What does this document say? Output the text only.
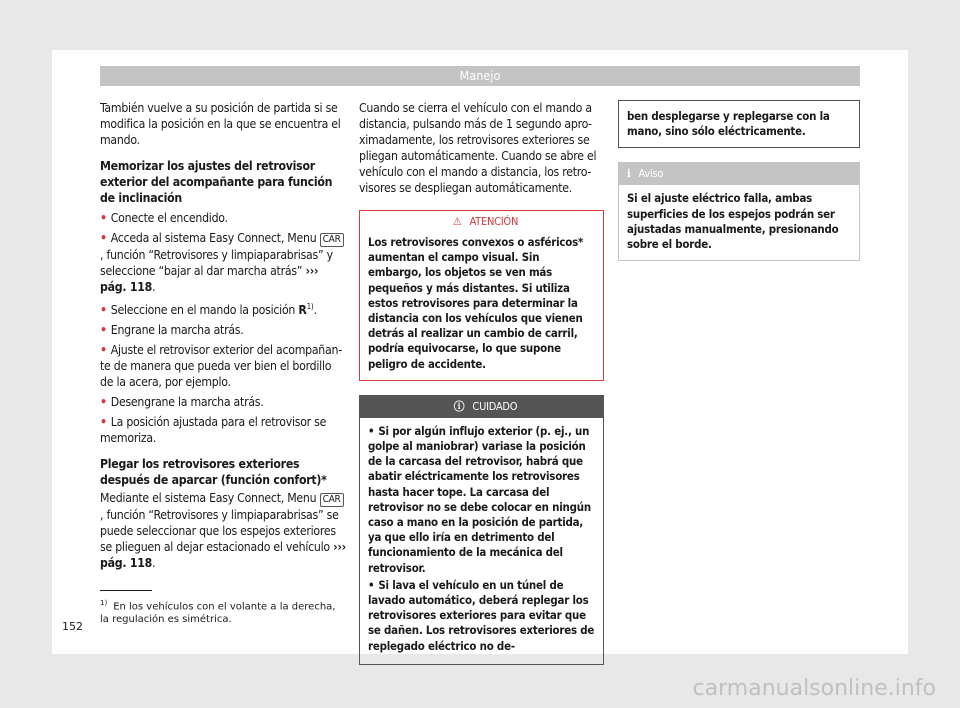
Manejo

También vuelve a su posición de partida si se modifica la posición en la que se encuentra el mando.

Memorizar los ajustes del retrovisor exterior del acompañante para función de inclinación

• Conecte el encendido.
• Acceda al sistema Easy Connect, Menu CAR, función “Retrovisores y limpiaparabrisas” y seleccione “bajar al dar marcha atrás” ››› pág. 118.
• Seleccione en el mando la posición $R^{1)}$.
• Engrane la marcha atrás.
• Ajuste el retrovisor exterior del acompañante de manera que pueda ver bien el bordillo de la acera, por ejemplo.
• Desengrane la marcha atrás.
• La posición ajustada para el retrovisor se memoriza.

Plegar los retrovisores exteriores después de aparcar (función confort)*

Mediante el sistema Easy Connect, Menu CAR, función “Retrovisores y limpiaparabrisas” se puede seleccionar que los espejos exteriores se plieguen al dejar estacionado el vehículo ››› pág. 118.

Cuando se cierra el vehículo con el mando a distancia, pulsando más de 1 segundo aproximadamente, los retrovisores exteriores se pliegan automáticamente. Cuando se abre el vehículo con el mando a distancia, los retrovisores se despliegan automáticamente.

⚠ ATENCIÓN
Los retrovisores convexos o asféricos* aumentan el campo visual. Sin embargo, los objetos se ven más pequeños y más distantes. Si utiliza estos retrovisores para determinar la distancia con los vehículos que vienen detrás al realizar un cambio de carril, podría equivocarse, lo que supone peligro de accidente.
ⓘ CUIDADO
• Si por algún influjo exterior (p. ej., un golpe al maniobrar) variase la posición de la carcasa del retrovisor, habrá que abatir eléctricamente los retrovisores hasta hacer tope. La carcasa del retrovisor no se debe colocar en ningún caso a mano en la posición de partida, ya que ello iría en detrimento del funcionamiento de la mecánica del retrovisor.
• Si lava el vehículo en un túnel de lavado automático, deberá replegar los retrovisores exteriores para evitar que se dañen. Los retrovisores exteriores de replegado eléctrico no de-
ben desplegarse y replegarse con la mano, sino sólo eléctricamente.
ℹ Aviso
Si el ajuste eléctrico falla, ambas superficies de los espejos podrán ser ajustadas manualmente, presionando sobre el borde.
$^{1)}$ En los vehículos con el volante a la derecha, la regulación es simétrica.
152
carmanualsonline.info
